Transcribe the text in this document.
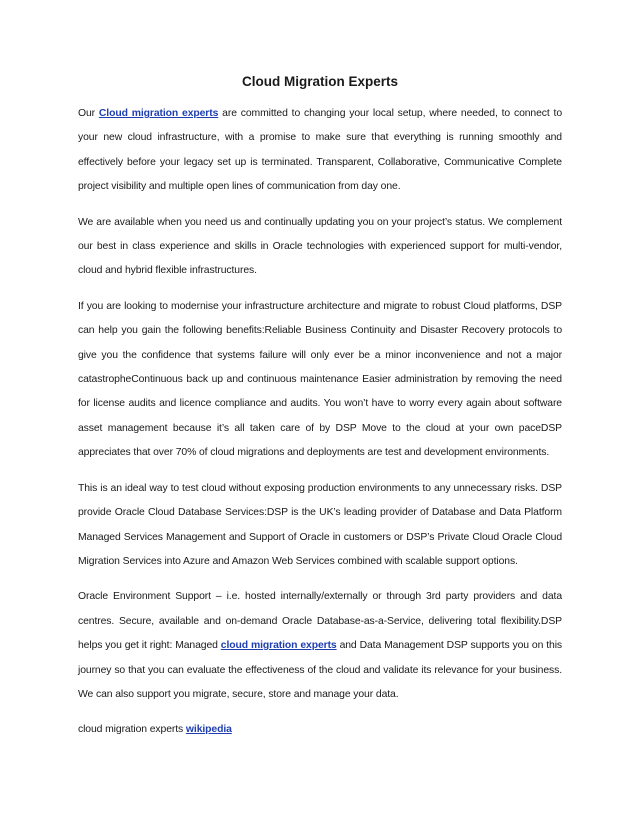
Cloud Migration Experts

Our Cloud migration experts are committed to changing your local setup, where needed, to connect to your new cloud infrastructure, with a promise to make sure that everything is running smoothly and effectively before your legacy set up is terminated. Transparent, Collaborative, Communicative Complete project visibility and multiple open lines of communication from day one.

We are available when you need us and continually updating you on your project’s status. We complement our best in class experience and skills in Oracle technologies with experienced support for multi-vendor, cloud and hybrid flexible infrastructures.

If you are looking to modernise your infrastructure architecture and migrate to robust Cloud platforms, DSP can help you gain the following benefits:Reliable Business Continuity and Disaster Recovery protocols to give you the confidence that systems failure will only ever be a minor inconvenience and not a major catastropheContinuous back up and continuous maintenance Easier administration by removing the need for license audits and licence compliance and audits. You won’t have to worry every again about software asset management because it’s all taken care of by DSP Move to the cloud at your own paceDSP appreciates that over 70% of cloud migrations and deployments are test and development environments.

This is an ideal way to test cloud without exposing production environments to any unnecessary risks. DSP provide Oracle Cloud Database Services:DSP is the UK’s leading provider of Database and Data Platform Managed Services Management and Support of Oracle in customers or DSP’s Private Cloud Oracle Cloud Migration Services into Azure and Amazon Web Services combined with scalable support options.

Oracle Environment Support – i.e. hosted internally/externally or through 3rd party providers and data centres. Secure, available and on-demand Oracle Database-as-a-Service, delivering total flexibility.DSP helps you get it right: Managed cloud migration experts and Data Management DSP supports you on this journey so that you can evaluate the effectiveness of the cloud and validate its relevance for your business. We can also support you migrate, secure, store and manage your data.

cloud migration experts wikipedia
